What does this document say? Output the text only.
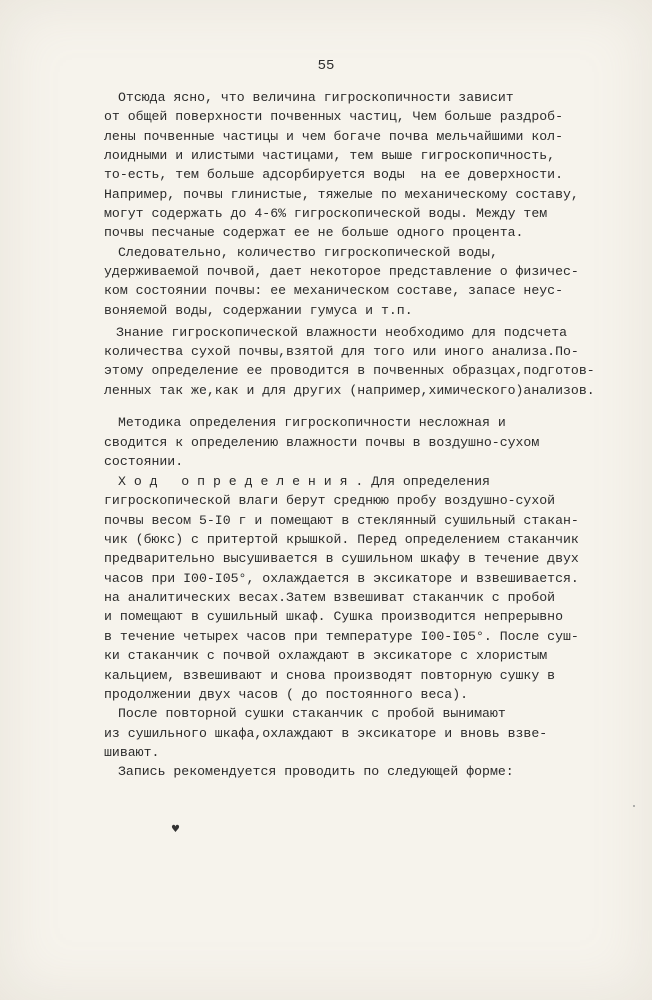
55
Отсюда ясно, что величина гигроскопичности зависит
от общей поверхности почвенных частиц, Чем больше раздроб-
лены почвенные частицы и чем богаче почва мельчайшими кол-
лоидными и илистыми частицами, тем выше гигроскопичность,
то-есть, тем больше адсорбируется воды  на ее доверхности.
Например, почвы глинистые, тяжелые по механическому составу,
могут содержать до 4-6% гигроскопической воды. Между тем
почвы песчаные содержат ее не больше одного процента.
Следовательно, количество гигроскопической воды,
удерживаемой почвой, дает некоторое представление о физичес-
ком состоянии почвы: ее механическом составе, запасе неус-
воняемой воды, содержании гумуса и т.п.
Знание гигроскопической влажности необходимо для подсчета
количества сухой почвы,взятой для того или иного анализа.По-
этому определение ее проводится в почвенных образцах,подготов-
ленных так же,как и для других (например,химического)анализов.
Методика определения гигроскопичности несложная и
сводится к определению влажности почвы в воздушно-сухом
состоянии.
Х о д   о п р е д е л е н и я . Для определения
гигроскопической влаги берут среднюю пробу воздушно-сухой
почвы весом 5-I0 г и помещают в стеклянный сушильный стакан-
чик (бюкс) с притертой крышкой. Перед определением стаканчик
предварительно высушивается в сушильном шкафу в течение двух
часов при I00-I05°, охлаждается в эксикаторе и взвешивается.
на аналитических весах.Затем взвешиват стаканчик с пробой
и помещают в сушильный шкаф. Сушка производится непрерывно
в течение четырех часов при температуре I00-I05°. После суш-
ки стаканчик с почвой охлаждают в эксикаторе с хлористым
кальцием, взвешивают и снова производят повторную сушку в
продолжении двух часов ( до постоянного веса).
После повторной сушки стаканчик с пробой вынимают
из сушильного шкафа,охлаждают в эксикаторе и вновь взве-
шивают.
Запись рекомендуется проводить по следующей форме:
♥
